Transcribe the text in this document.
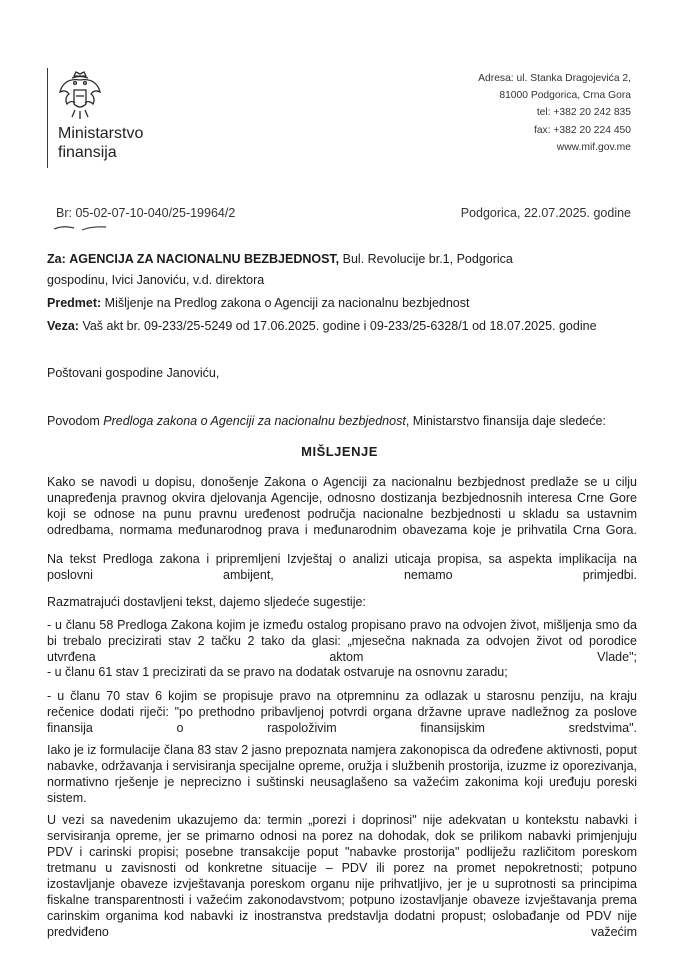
Ministarstvo
finansija
Adresa: ul. Stanka Dragojevića 2,
81000 Podgorica, Crna Gora
tel: +382 20 242 835
fax: +382 20 224 450
www.mif.gov.me
Br: 05-02-07-10-040/25-19964/2	Podgorica, 22.07.2025. godine
Za: AGENCIJA ZA NACIONALNU BEZBJEDNOST, Bul. Revolucije br.1, Podgorica
gospodinu, Ivici Janoviću, v.d. direktora
Predmet: Mišljenje na Predlog zakona o Agenciji za nacionalnu bezbjednost
Veza: Vaš akt br. 09-233/25-5249 od 17.06.2025. godine i 09-233/25-6328/1 od 18.07.2025. godine
Poštovani gospodine Janoviću,
Povodom Predloga zakona o Agenciji za nacionalnu bezbjednost, Ministarstvo finansija daje sledeće:
MIŠLJENJE
Kako se navodi u dopisu, donošenje Zakona o Agenciji za nacionalnu bezbjednost predlaže se u cilju unapređenja pravnog okvira djelovanja Agencije, odnosno dostizanja bezbjednosnih interesa Crne Gore koji se odnose na punu pravnu uređenost područja nacionalne bezbjednosti u skladu sa ustavnim odredbama, normama međunarodnog prava i međunarodnim obavezama koje je prihvatila Crna Gora.
Na tekst Predloga zakona i pripremljeni Izvještaj o analizi uticaja propisa, sa aspekta implikacija na poslovni ambijent, nemamo primjedbi.
Razmatrajući dostavljeni tekst, dajemo sljedeće sugestije:
- u članu 58 Predloga Zakona kojim je između ostalog propisano pravo na odvojen život, mišljenja smo da bi trebalo precizirati stav 2 tačku 2 tako da glasi: „mjesečna naknada za odvojen život od porodice utvrđena aktom Vlade";
- u članu 61 stav 1 precizirati da se pravo na dodatak ostvaruje na osnovnu zaradu;
- u članu 70 stav 6 kojim se propisuje pravo na otpremninu za odlazak u starosnu penziju, na kraju rečenice dodati riječi: "po prethodno pribavljenoj potvrdi organa državne uprave nadležnog za poslove finansija o raspoloživim finansijskim sredstvima".
Iako je iz formulacije člana 83 stav 2 jasno prepoznata namjera zakonopisca da određene aktivnosti, poput nabavke, održavanja i servisiranja specijalne opreme, oružja i službenih prostorija, izuzme iz oporezivanja, normativno rješenje je neprecizno i suštinski neusaglašeno sa važećim zakonima koji uređuju poreski sistem.
U vezi sa navedenim ukazujemo da: termin „porezi i doprinosi" nije adekvatan u kontekstu nabavki i servisiranja opreme, jer se primarno odnosi na porez na dohodak, dok se prilikom nabavki primjenjuju PDV i carinski propisi; posebne transakcije poput "nabavke prostorija" podliježu različitom poreskom tretmanu u zavisnosti od konkretne situacije – PDV ili porez na promet nepokretnosti; potpuno izostavljanje obaveze izvještavanja poreskom organu nije prihvatljivo, jer je u suprotnosti sa principima fiskalne transparentnosti i važećim zakonodavstvom; potpuno izostavljanje obaveze izvještavanja prema carinskim organima kod nabavki iz inostranstva predstavlja dodatni propust; oslobađanje od PDV nije predviđeno važećim
